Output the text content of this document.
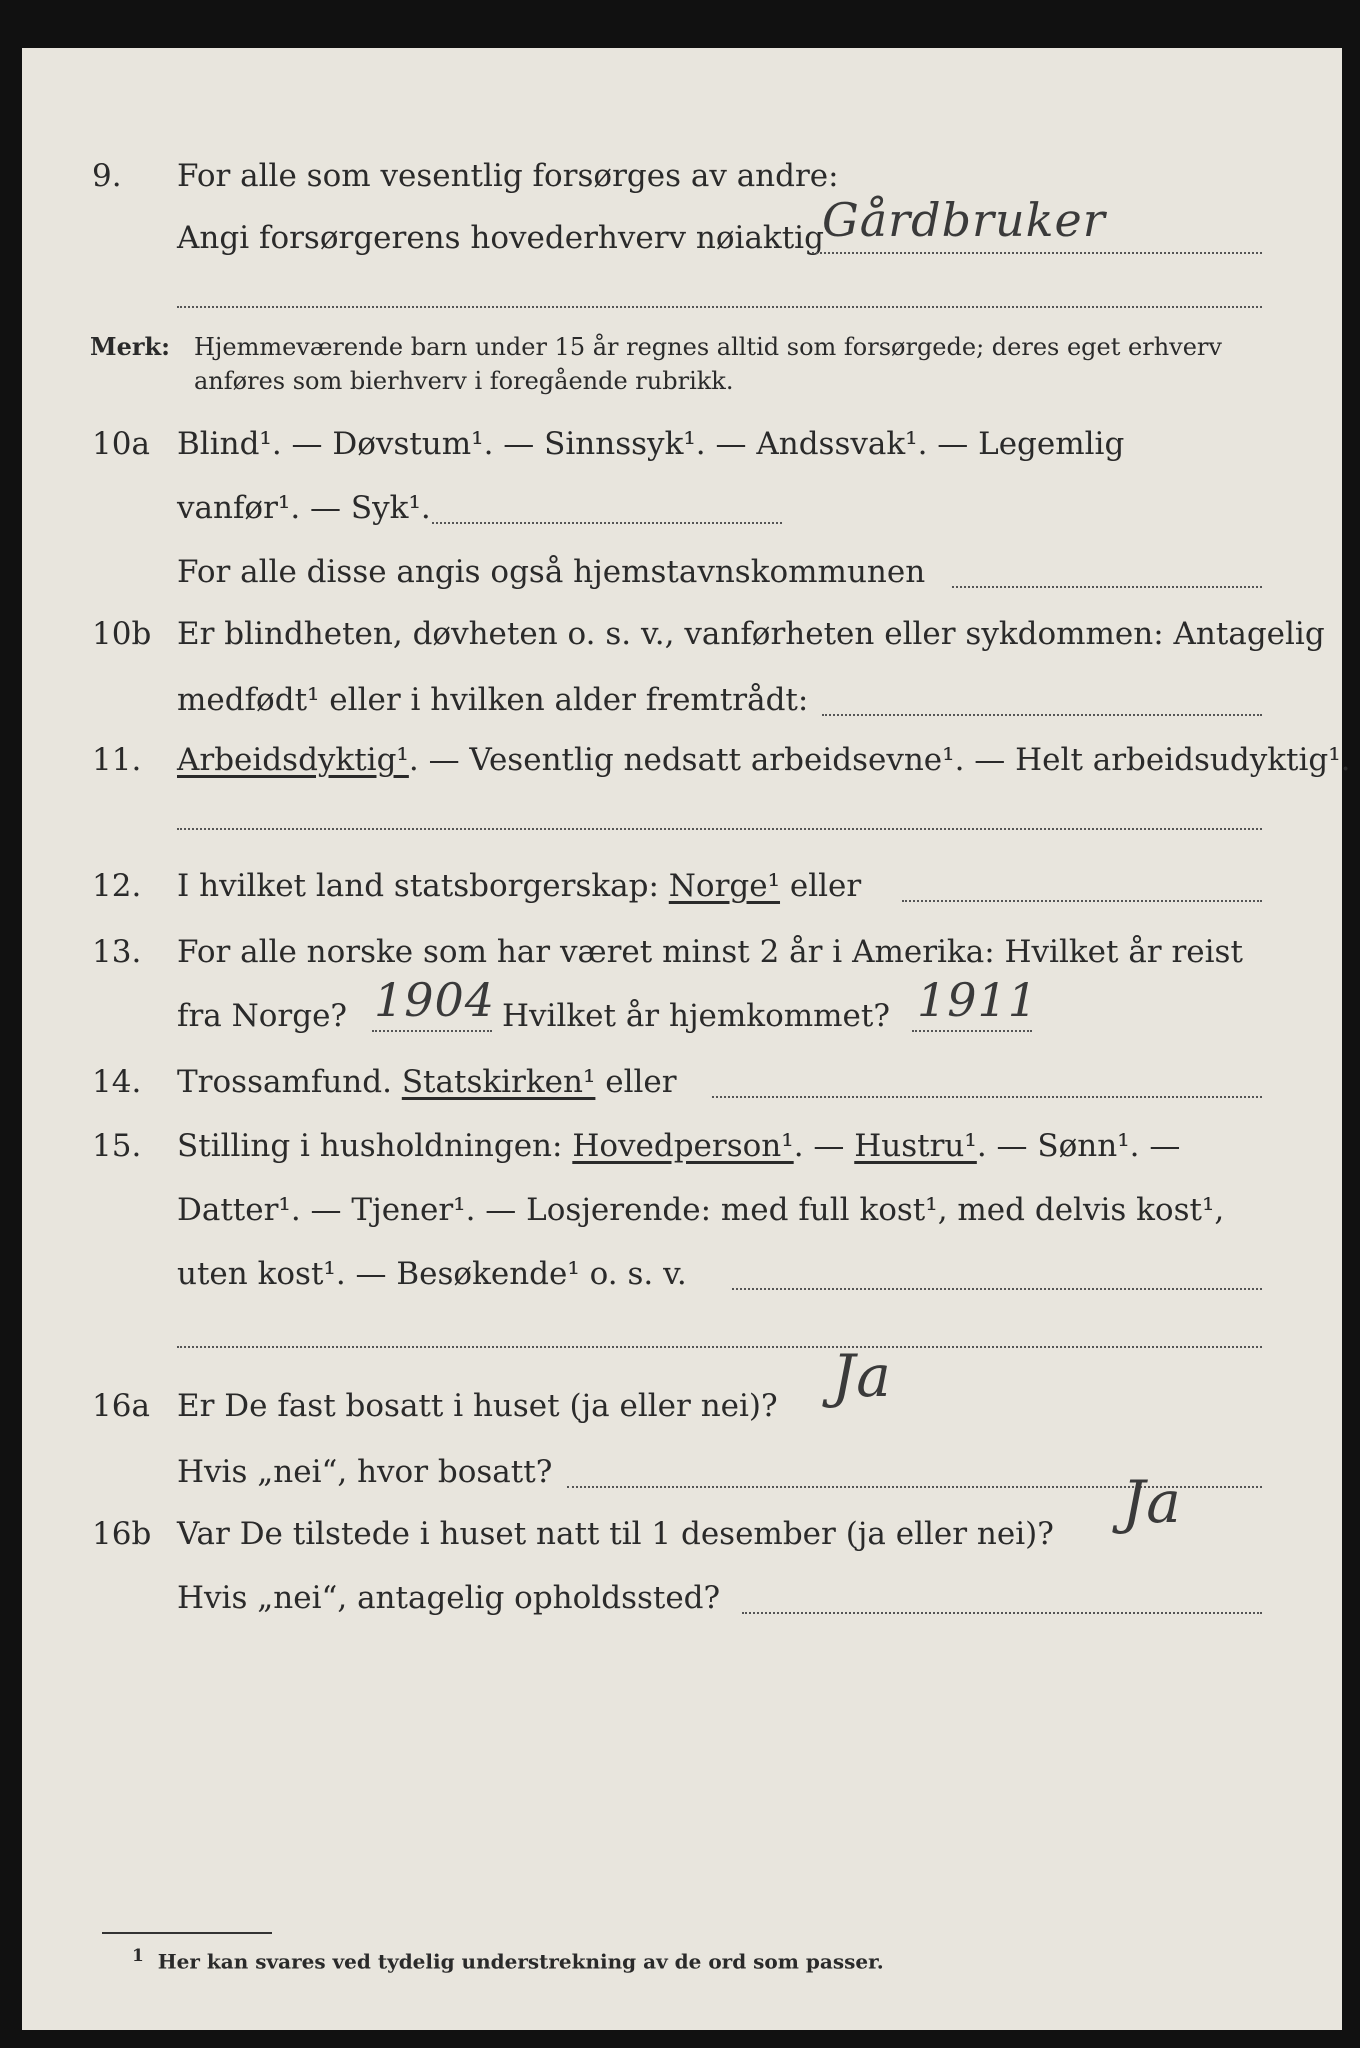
9. For alle som vesentlig forsørges av andre:
Angi forsørgerens hovederhverv nøiaktig
Gårdbruker
Merk: Hjemmeværende barn under 15 år regnes alltid som forsørgede; deres eget erhverv
anføres som bierhverv i foregående rubrikk.
10a Blind¹. — Døvstum¹. — Sinnssyk¹. — Andssvak¹. — Legemlig
vanfør¹. — Syk¹.
For alle disse angis også hjemstavnskommunen
10b Er blindheten, døvheten o. s. v., vanførheten eller sykdommen: Antagelig
medfødt¹ eller i hvilken alder fremtrådt:
11. Arbeidsdyktig¹. — Vesentlig nedsatt arbeidsevne¹. — Helt arbeidsudyktig¹.
12. I hvilket land statsborgerskap: Norge¹ eller
13. For alle norske som har været minst 2 år i Amerika: Hvilket år reist
fra Norge? 1904 Hvilket år hjemkommet? 1911
14. Trossamfund. Statskirken¹ eller
15. Stilling i husholdningen: Hovedperson¹. — Hustru¹. — Sønn¹. —
Datter¹. — Tjener¹. — Losjerende: med full kost¹, med delvis kost¹,
uten kost¹. — Besøkende¹ o. s. v.
16a Er De fast bosatt i huset (ja eller nei)? Ja
Hvis „nei“, hvor bosatt?
16b Var De tilstede i huset natt til 1 desember (ja eller nei)? Ja
Hvis „nei“, antagelig opholdssted?
$^1$ Her kan svares ved tydelig understrekning av de ord som passer.
